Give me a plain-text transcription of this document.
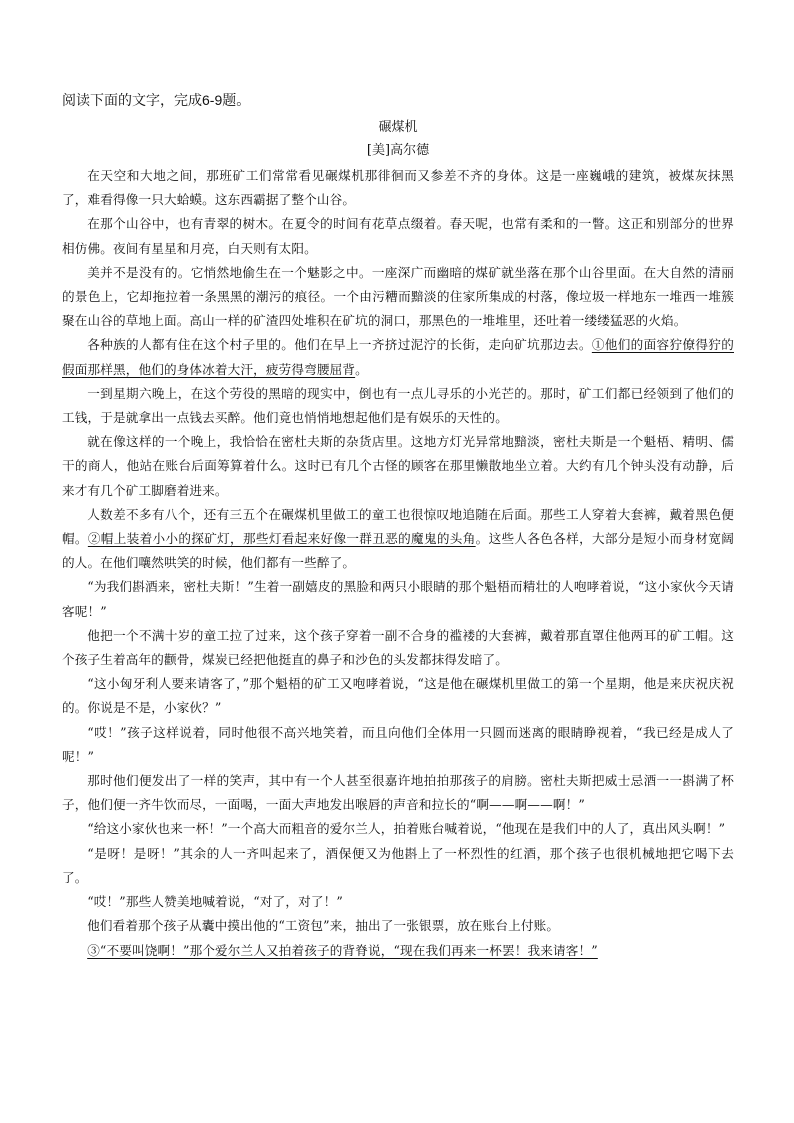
阅读下面的文字，完成6-9题。

碾煤机

[美]高尔德

在天空和大地之间，那班矿工们常常看见碾煤机那徘徊而又参差不齐的身体。这是一座巍峨的建筑，被煤灰抹黑了，难看得像一只大蛤蟆。这东西霸据了整个山谷。

在那个山谷中，也有青翠的树木。在夏令的时间有花草点缀着。春天呢，也常有柔和的一瞥。这正和别部分的世界相仿佛。夜间有星星和月亮，白天则有太阳。

美并不是没有的。它悄然地偷生在一个魅影之中。一座深广而幽暗的煤矿就坐落在那个山谷里面。在大自然的清丽的景色上，它却拖拉着一条黑黑的潮污的痕径。一个由污糟而黯淡的住家所集成的村落，像垃圾一样地东一堆西一堆簇聚在山谷的草地上面。高山一样的矿渣四处堆积在矿坑的洞口，那黑色的一堆堆里，还吐着一缕缕猛恶的火焰。

各种族的人都有住在这个村子里的。他们在早上一齐挤过泥泞的长街，走向矿坑那边去。①他们的面容狞僚得狞的假面那样黑，他们的身体冰着大汗，疲劳得弯腰屈背。

一到星期六晚上，在这个劳役的黑暗的现实中，倒也有一点儿寻乐的小光芒的。那时，矿工们都已经领到了他们的工钱，于是就拿出一点钱去买醉。他们竟也悄悄地想起他们是有娱乐的天性的。

就在像这样的一个晚上，我恰恰在密杜夫斯的杂货店里。这地方灯光异常地黯淡，密杜夫斯是一个魁梧、精明、儒干的商人，他站在账台后面筹算着什么。这时已有几个古怪的顾客在那里懒散地坐立着。大约有几个钟头没有动静，后来才有几个矿工脚磨着进来。

人数差不多有八个，还有三五个在碾煤机里做工的童工也很惊叹地追随在后面。那些工人穿着大套裤，戴着黑色便帽。②帽上装着小小的探矿灯，那些灯看起来好像一群丑恶的魔鬼的头角。这些人各色各样，大部分是短小而身材宽阔的人。在他们嚷然哄笑的时候，他们都有一些醉了。

“为我们斟酒来，密杜夫斯！”生着一副嬉皮的黑脸和两只小眼睛的那个魁梧而精壮的人咆哮着说，“这小家伙今天请客呢！”

他把一个不满十岁的童工拉了过来，这个孩子穿着一副不合身的褴褛的大套裤，戴着那直罩住他两耳的矿工帽。这个孩子生着高年的颧骨，煤炭已经把他挺直的鼻子和沙色的头发都抹得发暗了。

“这小匈牙利人要来请客了，”那个魁梧的矿工又咆哮着说，“这是他在碾煤机里做工的第一个星期，他是来庆祝庆祝的。你说是不是，小家伙？”

“哎！”孩子这样说着，同时他很不高兴地笑着，而且向他们全体用一只圆而迷离的眼睛睁视着，“我已经是成人了呢！”

那时他们便发出了一样的笑声，其中有一个人甚至很嘉许地拍拍那孩子的肩膀。密杜夫斯把威士忌酒一一斟满了杯子，他们便一齐牛饮而尽，一面喝，一面大声地发出喉唇的声音和拉长的“啊——啊——啊！”

“给这小家伙也来一杯！”一个高大而粗音的爱尔兰人，拍着账台喊着说，“他现在是我们中的人了，真出风头啊！”

“是呀！是呀！”其余的人一齐叫起来了，酒保便又为他斟上了一杯烈性的红酒，那个孩子也很机械地把它喝下去了。

“哎！”那些人赞美地喊着说，“对了，对了！”

他们看着那个孩子从囊中摸出他的“工资包”来，抽出了一张银票，放在账台上付账。

③“不要叫饶啊！”那个爱尔兰人又拍着孩子的背脊说，“现在我们再来一杯罢！我来请客！”
